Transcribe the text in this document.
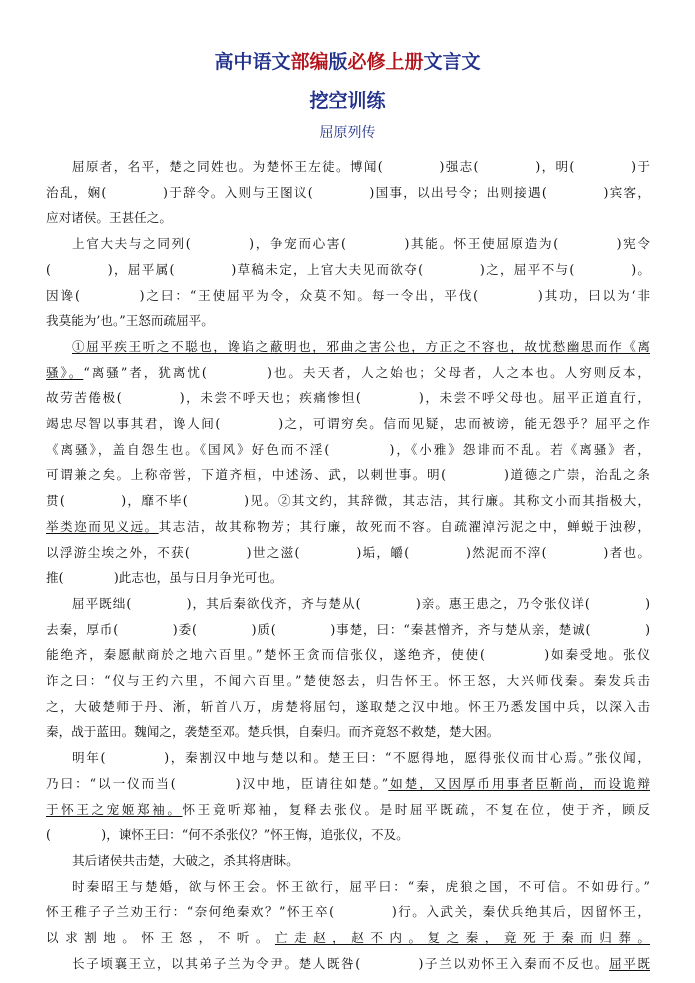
高中语文部编版必修上册文言文
挖空训练
屈原列传
屈原者，名平，楚之同姓也。为楚怀王左徒。博闻(　　　　)强志(　　　　)，明(　　　　)于
治乱，娴(　　　　)于辞令。入则与王图议(　　　　)国事，以出号令；出则接遇(　　　　)宾客，
应对诸侯。王甚任之。
上官大夫与之同列(　　　　)，争宠而心害(　　　　)其能。怀王使屈原造为(　　　　)宪令
(　　　　)，屈平属(　　　　)草稿未定，上官大夫见而欲夺(　　　　)之，屈平不与(　　　　)。
因谗(　　　　)之曰：“王使屈平为令，众莫不知。每一令出，平伐(　　　　)其功，曰以为‘非
我莫能为’也。”王怒而疏屈平。
①屈平疾王听之不聪也，谗谄之蔽明也，邪曲之害公也，方正之不容也，故忧愁幽思而作《离
骚》。“离骚”者，犹离忧(　　　　)也。夫天者，人之始也；父母者，人之本也。人穷则反本，
故劳苦倦极(　　　　)，未尝不呼天也；疾痛惨怛(　　　　)，未尝不呼父母也。屈平正道直行，
竭忠尽智以事其君，谗人间(　　　　)之，可谓穷矣。信而见疑，忠而被谤，能无怨乎？屈平之作
《离骚》，盖自怨生也。《国风》好色而不淫(　　　　)，《小雅》怨诽而不乱。若《离骚》者，
可谓兼之矣。上称帝喾，下道齐桓，中述汤、武，以刺世事。明(　　　　)道德之广崇，治乱之条
贯(　　　　)，靡不毕(　　　　)见。②其文约，其辞微，其志洁，其行廉。其称文小而其指极大，
举类迩而见义远。其志洁，故其称物芳；其行廉，故死而不容。自疏濯淖污泥之中，蝉蜕于浊秽，
以浮游尘埃之外，不获(　　　　)世之滋(　　　　)垢，皭(　　　　)然泥而不滓(　　　　)者也。
推(　　　　)此志也，虽与日月争光可也。
屈平既绌(　　　　)，其后秦欲伐齐，齐与楚从(　　　　)亲。惠王患之，乃令张仪详(　　　　)
去秦，厚币(　　　　)委(　　　　)质(　　　　)事楚，曰：“秦甚憎齐，齐与楚从亲，楚诚(　　　　)
能绝齐，秦愿献商於之地六百里。”楚怀王贪而信张仪，遂绝齐，使使(　　　　)如秦受地。张仪
诈之曰：“仪与王约六里，不闻六百里。”楚使怒去，归告怀王。怀王怒，大兴师伐秦。秦发兵击
之，大破楚师于丹、淅，斩首八万，虏楚将屈匄，遂取楚之汉中地。怀王乃悉发国中兵，以深入击
秦，战于蓝田。魏闻之，袭楚至邓。楚兵惧，自秦归。而齐竟怒不救楚，楚大困。
明年(　　　　)，秦割汉中地与楚以和。楚王曰：“不愿得地，愿得张仪而甘心焉。”张仪闻，
乃曰：“以一仪而当(　　　　)汉中地，臣请往如楚。”如楚，又因厚币用事者臣靳尚，而设诡辩
于怀王之宠姬郑袖。怀王竟听郑袖，复释去张仪。是时屈平既疏，不复在位，使于齐，顾反
(　　　　)，谏怀王曰：“何不杀张仪？”怀王悔，追张仪，不及。
其后诸侯共击楚，大破之，杀其将唐眛。
时秦昭王与楚婚，欲与怀王会。怀王欲行，屈平曰：“秦，虎狼之国，不可信。不如毋行。”
怀王稚子子兰劝王行：“奈何绝秦欢？”怀王卒(　　　　)行。入武关，秦伏兵绝其后，因留怀王，
以求割地。怀王怒，不听。亡走赵，赵不内。复之秦，竟死于秦而归葬。
长子顷襄王立，以其弟子兰为令尹。楚人既咎(　　　　)子兰以劝怀王入秦而不反也。屈平既
